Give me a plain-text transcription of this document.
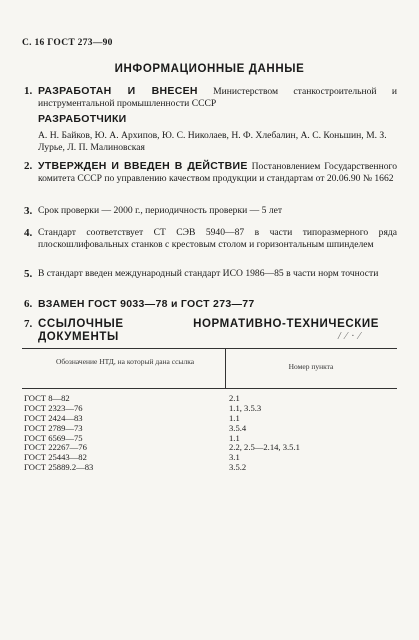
С. 16 ГОСТ 273—90
ИНФОРМАЦИОННЫЕ ДАННЫЕ
1. РАЗРАБОТАН И ВНЕСЕН Министерством станкостроительной и инструментальной промышленности СССР
РАЗРАБОТЧИКИ
А. Н. Байков, Ю. А. Архипов, Ю. С. Николаев, Н. Ф. Хлебалин, А. С. Коньшин, М. З. Лурье, Л. П. Малиновская
2. УТВЕРЖДЕН И ВВЕДЕН В ДЕЙСТВИЕ Постановлением Государственного комитета СССР по управлению качеством продукции и стандартам от 20.06.90 № 1662
3. Срок проверки — 2000 г., периодичность проверки — 5 лет
4. Стандарт соответствует СТ СЭВ 5940—87 в части типоразмерного ряда плоскошлифовальных станков с крестовым столом и горизонтальным шпинделем
5. В стандарт введен международный стандарт ИСО 1986—85 в части норм точности
6. ВЗАМЕН ГОСТ 9033—78 и ГОСТ 273—77
7. ССЫЛОЧНЫЕ НОРМАТИВНО-ТЕХНИЧЕСКИЕ ДОКУМЕНТЫ	/ ⁄ · ⁄
Обозначение НТД, на который дана ссылка
Номер пункта
ГОСТ 8—82	2.1
ГОСТ 2323—76	1.1, 3.5.3
ГОСТ 2424—83	1.1
ГОСТ 2789—73	3.5.4
ГОСТ 6569—75	1.1
ГОСТ 22267—76	2.2, 2.5—2.14, 3.5.1
ГОСТ 25443—82	3.1
ГОСТ 25889.2—83	3.5.2
